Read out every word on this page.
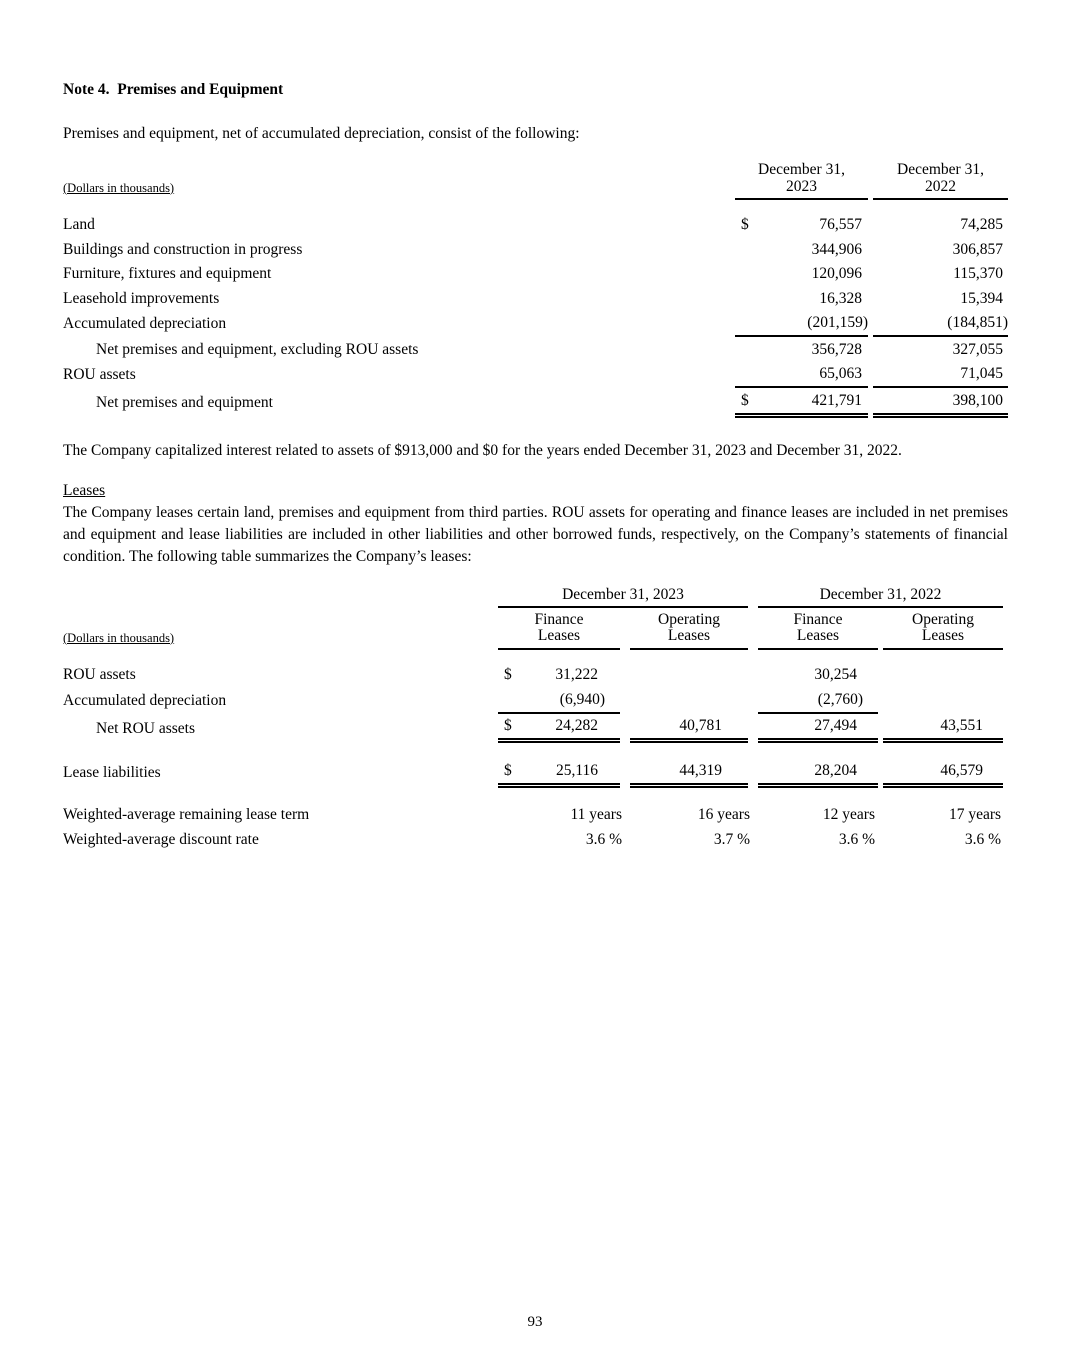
Note 4.  Premises and Equipment

Premises and equipment, net of accumulated depreciation, consist of the following:

(Dollars in thousands)	December 31,
2023			December 31,
2022

Land	$	76,557		74,285
Buildings and construction in progress		344,906		306,857
Furniture, fixtures and equipment		120,096		115,370
Leasehold improvements		16,328		15,394
Accumulated depreciation		(201,159)		(184,851)
Net premises and equipment, excluding ROU assets		356,728		327,055
ROU assets		65,063		71,045
Net premises and equipment	$	421,791		398,100

The Company capitalized interest related to assets of $913,000 and $0 for the years ended December 31, 2023 and December 31, 2022.

Leases
The Company leases certain land, premises and equipment from third parties. ROU assets for operating and finance leases are included in net premises and equipment and lease liabilities are included in other liabilities and other borrowed funds, respectively, on the Company’s statements of financial condition. The following table summarizes the Company’s leases:
	December 31, 2023					December 31, 2022		
(Dollars in thousands)	Finance
Leases			Operating
Leases		Finance
Leases		Operating
Leases

ROU assets	$	31,222				30,254		
Accumulated depreciation		(6,940)				(2,760)		
Net ROU assets	$	24,282		40,781		27,494		43,551

Lease liabilities	$	25,116		44,319		28,204		46,579

Weighted-average remaining lease term	11 years			16 years		12 years		17 years
Weighted-average discount rate	3.6 %			3.7 %		3.6 %		3.6 %
93
